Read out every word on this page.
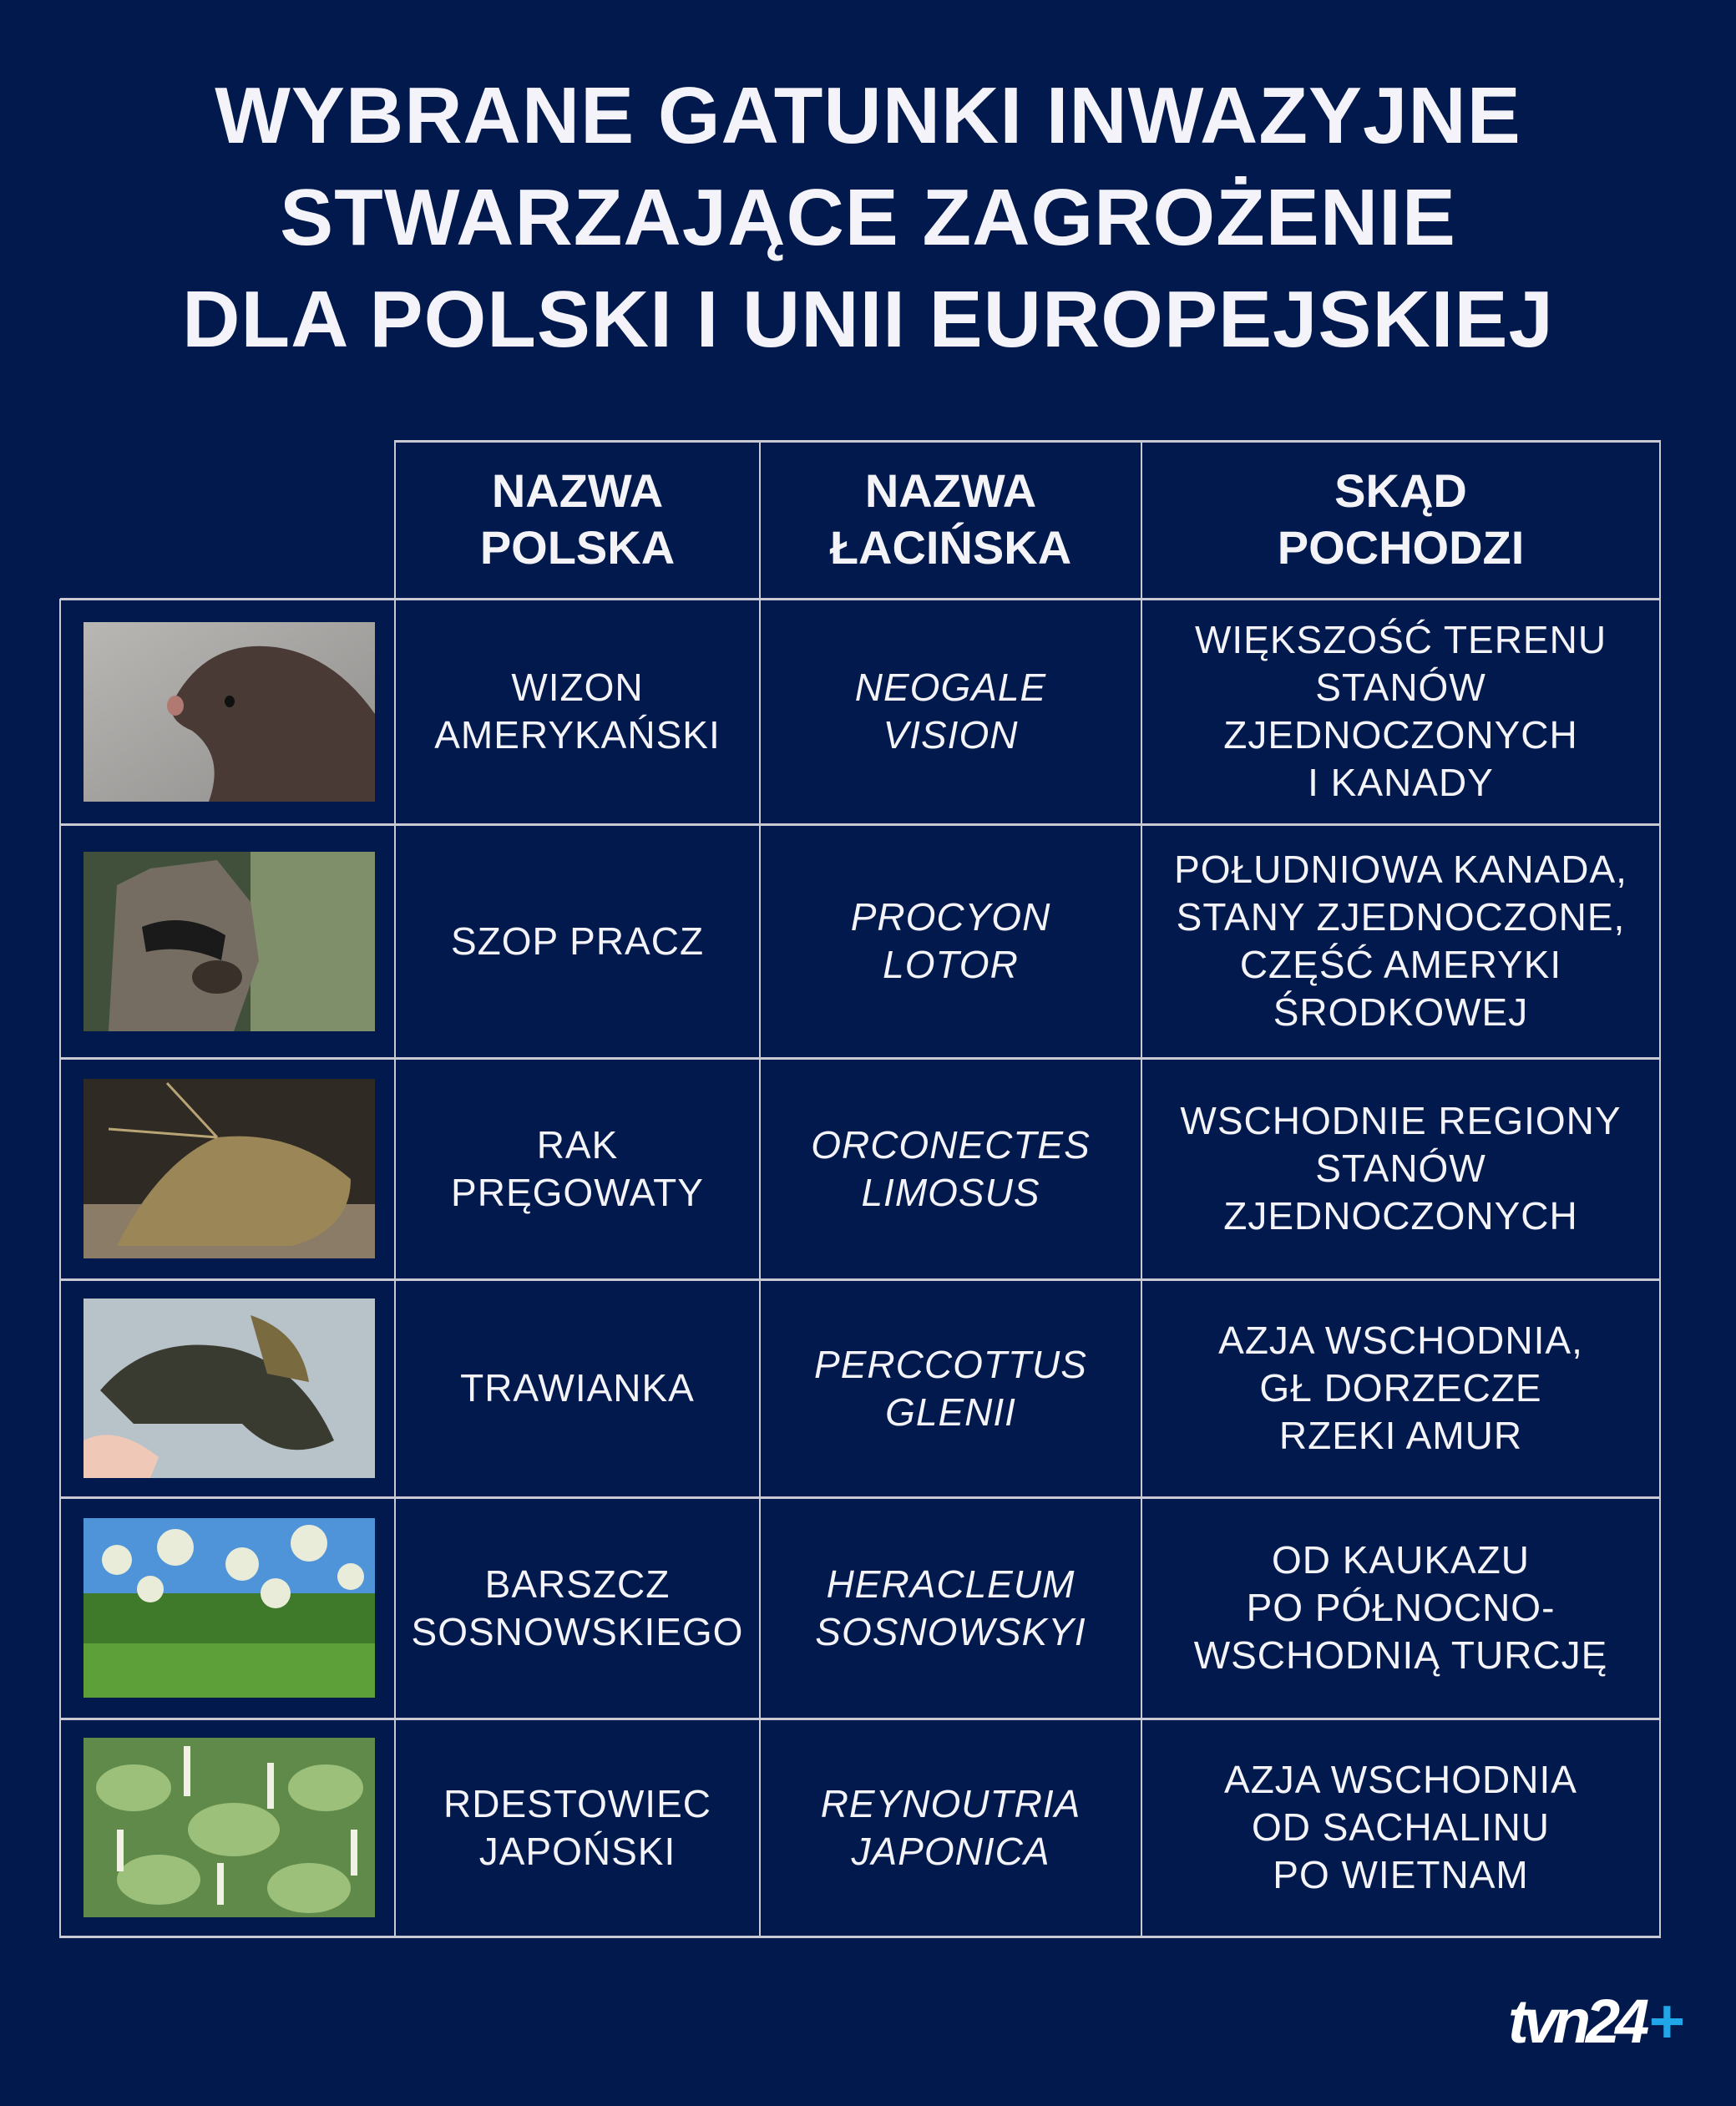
WYBRANE GATUNKI INWAZYJNE
STWARZAJĄCE ZAGROŻENIE
DLA POLSKI I UNII EUROPEJSKIEJ
NAZWA
POLSKA
NAZWA
ŁACIŃSKA
SKĄD
POCHODZI
WIZON
AMERYKAŃSKI
NEOGALE
VISION
WIĘKSZOŚĆ TERENU
STANÓW
ZJEDNOCZONYCH
I KANADY
SZOP PRACZ
PROCYON
LOTOR
POŁUDNIOWA KANADA,
STANY ZJEDNOCZONE,
CZĘŚĆ AMERYKI
ŚRODKOWEJ
RAK
PRĘGOWATY
ORCONECTES
LIMOSUS
WSCHODNIE REGIONY
STANÓW
ZJEDNOCZONYCH
TRAWIANKA
PERCCOTTUS
GLENII
AZJA WSCHODNIA,
GŁ DORZECZE
RZEKI AMUR
BARSZCZ
SOSNOWSKIEGO
HERACLEUM
SOSNOWSKYI
OD KAUKAZU
PO PÓŁNOCNO-
WSCHODNIĄ TURCJĘ
RDESTOWIEC
JAPOŃSKI
REYNOUTRIA
JAPONICA
AZJA WSCHODNIA
OD SACHALINU
PO WIETNAM
tvn24+
